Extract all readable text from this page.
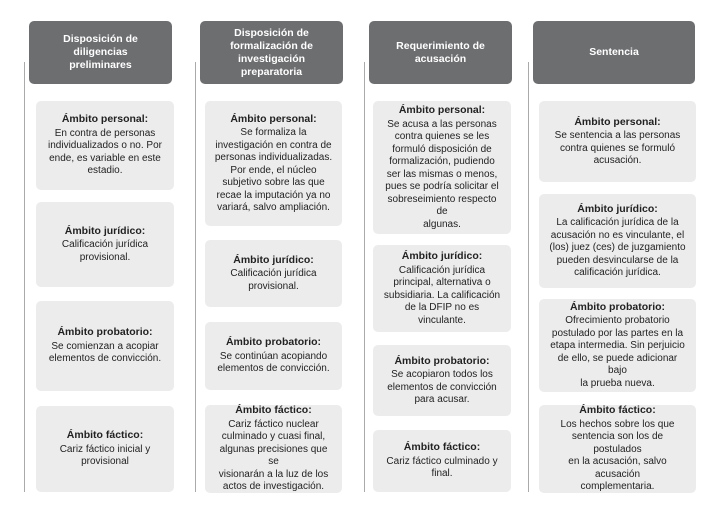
Disposición de diligencias
preliminares
Ámbito personal:
En contra de personas
individualizados o no. Por
ende, es variable en este
estadio.
Ámbito jurídico:
Calificación jurídica
provisional.
Ámbito probatorio:
Se comienzan a acopiar
elementos de convicción.
Ámbito fáctico:
Cariz fáctico inicial y
provisional
Disposición de
formalización de
investigación preparatoria
Ámbito personal:
Se formaliza la
investigación en contra de
personas individualizadas.
Por ende, el núcleo
subjetivo sobre las que
recae la imputación ya no
variará, salvo ampliación.
Ámbito jurídico:
Calificación jurídica
provisional.
Ámbito probatorio:
Se continúan acopiando
elementos de convicción.
Ámbito fáctico:
Cariz fáctico nuclear
culminado y cuasi final,
algunas precisiones que se
visionarán a la luz de los
actos de investigación.
Requerimiento de
acusación
Ámbito personal:
Se acusa a las personas
contra quienes se les
formuló disposición de
formalización, pudiendo
ser las mismas o menos,
pues se podría solicitar el
sobreseimiento respecto de
algunas.
Ámbito jurídico:
Calificación jurídica
principal, alternativa o
subsidiaria. La calificación
de la DFIP no es vinculante.
Ámbito probatorio:
Se acopiaron todos los
elementos de convicción
para acusar.
Ámbito fáctico:
Cariz fáctico culminado y
final.
Sentencia
Ámbito personal:
Se sentencia a las personas
contra quienes se formuló
acusación.
Ámbito jurídico:
La calificación jurídica de la
acusación no es vinculante, el
(los) juez (ces) de juzgamiento
pueden desvincularse de la
calificación jurídica.
Ámbito probatorio:
Ofrecimiento probatorio
postulado por las partes en la
etapa intermedia. Sin perjuicio
de ello, se puede adicionar bajo
la prueba nueva.
Ámbito fáctico:
Los hechos sobre los que
sentencia son los de postulados
en la acusación, salvo acusación
complementaria.
